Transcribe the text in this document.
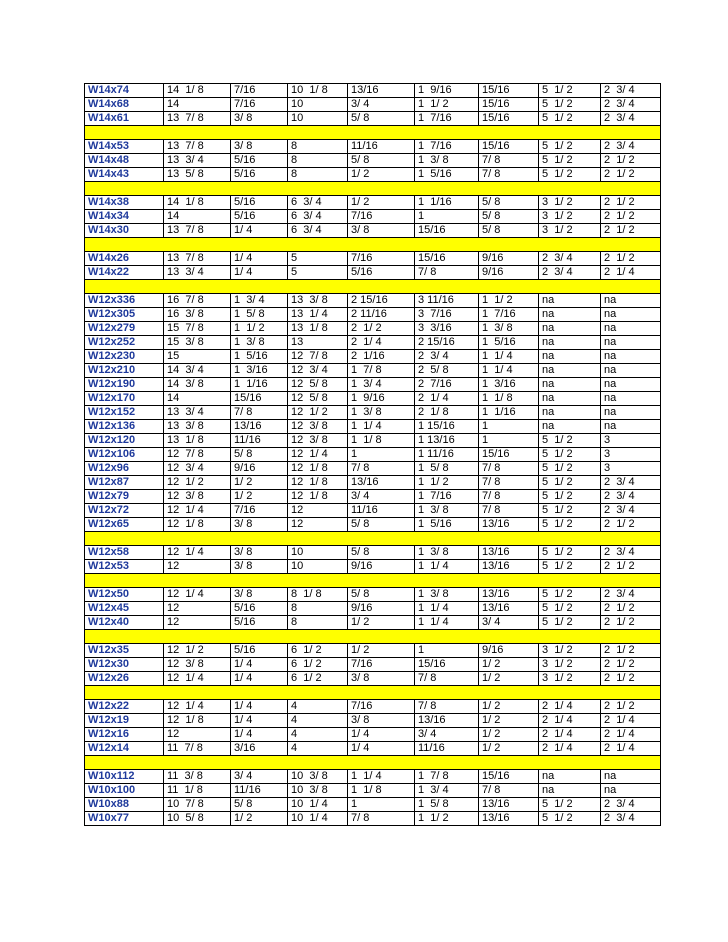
W14x74	14  1/ 8	7/16	10  1/ 8	13/16	1  9/16	15/16	5  1/ 2	2  3/ 4
W14x68	14	7/16	10	3/ 4	1  1/ 2	15/16	5  1/ 2	2  3/ 4
W14x61	13  7/ 8	3/ 8	10	5/ 8	1  7/16	15/16	5  1/ 2	2  3/ 4

W14x53	13  7/ 8	3/ 8	8	11/16	1  7/16	15/16	5  1/ 2	2  3/ 4
W14x48	13  3/ 4	5/16	8	5/ 8	1  3/ 8	7/ 8	5  1/ 2	2  1/ 2
W14x43	13  5/ 8	5/16	8	1/ 2	1  5/16	7/ 8	5  1/ 2	2  1/ 2

W14x38	14  1/ 8	5/16	6  3/ 4	1/ 2	1  1/16	5/ 8	3  1/ 2	2  1/ 2
W14x34	14	5/16	6  3/ 4	7/16	1	5/ 8	3  1/ 2	2  1/ 2
W14x30	13  7/ 8	1/ 4	6  3/ 4	3/ 8	15/16	5/ 8	3  1/ 2	2  1/ 2

W14x26	13  7/ 8	1/ 4	5	7/16	15/16	9/16	2  3/ 4	2  1/ 2
W14x22	13  3/ 4	1/ 4	5	5/16	7/ 8	9/16	2  3/ 4	2  1/ 4

W12x336	16  7/ 8	1  3/ 4	13  3/ 8	2 15/16	3 11/16	1  1/ 2	na	na
W12x305	16  3/ 8	1  5/ 8	13  1/ 4	2 11/16	3  7/16	1  7/16	na	na
W12x279	15  7/ 8	1  1/ 2	13  1/ 8	2  1/ 2	3  3/16	1  3/ 8	na	na
W12x252	15  3/ 8	1  3/ 8	13	2  1/ 4	2 15/16	1  5/16	na	na
W12x230	15	1  5/16	12  7/ 8	2  1/16	2  3/ 4	1  1/ 4	na	na
W12x210	14  3/ 4	1  3/16	12  3/ 4	1  7/ 8	2  5/ 8	1  1/ 4	na	na
W12x190	14  3/ 8	1  1/16	12  5/ 8	1  3/ 4	2  7/16	1  3/16	na	na
W12x170	14	15/16	12  5/ 8	1  9/16	2  1/ 4	1  1/ 8	na	na
W12x152	13  3/ 4	7/ 8	12  1/ 2	1  3/ 8	2  1/ 8	1  1/16	na	na
W12x136	13  3/ 8	13/16	12  3/ 8	1  1/ 4	1 15/16	1	na	na
W12x120	13  1/ 8	11/16	12  3/ 8	1  1/ 8	1 13/16	1	5  1/ 2	3
W12x106	12  7/ 8	5/ 8	12  1/ 4	1	1 11/16	15/16	5  1/ 2	3
W12x96	12  3/ 4	9/16	12  1/ 8	7/ 8	1  5/ 8	7/ 8	5  1/ 2	3
W12x87	12  1/ 2	1/ 2	12  1/ 8	13/16	1  1/ 2	7/ 8	5  1/ 2	2  3/ 4
W12x79	12  3/ 8	1/ 2	12  1/ 8	3/ 4	1  7/16	7/ 8	5  1/ 2	2  3/ 4
W12x72	12  1/ 4	7/16	12	11/16	1  3/ 8	7/ 8	5  1/ 2	2  3/ 4
W12x65	12  1/ 8	3/ 8	12	5/ 8	1  5/16	13/16	5  1/ 2	2  1/ 2

W12x58	12  1/ 4	3/ 8	10	5/ 8	1  3/ 8	13/16	5  1/ 2	2  3/ 4
W12x53	12	3/ 8	10	9/16	1  1/ 4	13/16	5  1/ 2	2  1/ 2

W12x50	12  1/ 4	3/ 8	8  1/ 8	5/ 8	1  3/ 8	13/16	5  1/ 2	2  3/ 4
W12x45	12	5/16	8	9/16	1  1/ 4	13/16	5  1/ 2	2  1/ 2
W12x40	12	5/16	8	1/ 2	1  1/ 4	3/ 4	5  1/ 2	2  1/ 2

W12x35	12  1/ 2	5/16	6  1/ 2	1/ 2	1	9/16	3  1/ 2	2  1/ 2
W12x30	12  3/ 8	1/ 4	6  1/ 2	7/16	15/16	1/ 2	3  1/ 2	2  1/ 2
W12x26	12  1/ 4	1/ 4	6  1/ 2	3/ 8	7/ 8	1/ 2	3  1/ 2	2  1/ 2

W12x22	12  1/ 4	1/ 4	4	7/16	7/ 8	1/ 2	2  1/ 4	2  1/ 2
W12x19	12  1/ 8	1/ 4	4	3/ 8	13/16	1/ 2	2  1/ 4	2  1/ 4
W12x16	12	1/ 4	4	1/ 4	3/ 4	1/ 2	2  1/ 4	2  1/ 4
W12x14	11  7/ 8	3/16	4	1/ 4	11/16	1/ 2	2  1/ 4	2  1/ 4

W10x112	11  3/ 8	3/ 4	10  3/ 8	1  1/ 4	1  7/ 8	15/16	na	na
W10x100	11  1/ 8	11/16	10  3/ 8	1  1/ 8	1  3/ 4	7/ 8	na	na
W10x88	10  7/ 8	5/ 8	10  1/ 4	1	1  5/ 8	13/16	5  1/ 2	2  3/ 4
W10x77	10  5/ 8	1/ 2	10  1/ 4	7/ 8	1  1/ 2	13/16	5  1/ 2	2  3/ 4
